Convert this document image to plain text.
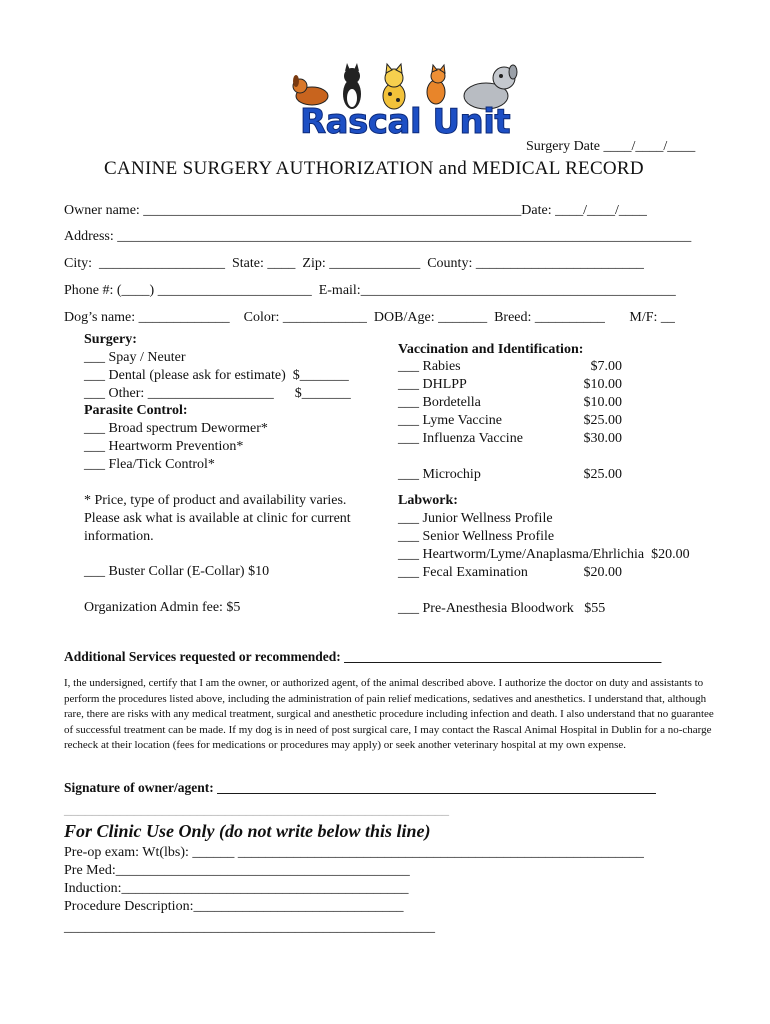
Rascal Unit

Surgery Date ____/____/____
CANINE SURGERY AUTHORIZATION and MEDICAL RECORD
Owner name: ______________________________________________________Date: ____/____/____
Address: __________________________________________________________________________________
City:  __________________  State: ____  Zip: _____________  County: ________________________
Phone #: (____) ______________________  E-mail:_____________________________________________
Dog’s name: _____________    Color: ____________  DOB/Age: _______  Breed: __________       M/F: __
Surgery:
___ Spay / Neuter
___ Dental (please ask for estimate)  $_______
___ Other: __________________      $_______
Parasite Control:
___ Broad spectrum Dewormer*
___ Heartworm Prevention*
___ Flea/Tick Control*
* Price, type of product and availability varies.
Please ask what is available at clinic for current
information.
___ Buster Collar (E-Collar) $10
Organization Admin fee: $5
Vaccination and Identification:
___ Rabies	$7.00
___ DHLPP	$10.00
___ Bordetella	$10.00
___ Lyme Vaccine	$25.00
___ Influenza Vaccine	$30.00
___ Microchip	$25.00
Labwork:
___ Junior Wellness Profile
___ Senior Wellness Profile
___ Heartworm/Lyme/Anaplasma/Ehrlichia  $20.00
___ Fecal Examination	$20.00
___ Pre-Anesthesia Bloodwork   $55
Additional Services requested or recommended: _______________________________________________
I, the undersigned, certify that I am the owner, or authorized agent, of the animal described above. I authorize the doctor on duty and assistants to perform the procedures listed above, including the administration of pain relief medications, sedatives and anesthetics. I understand that, although rare, there are risks with any medical treatment, surgical and anesthetic procedure including infection and death. I also understand that no guarantee of successful treatment can be made. If my dog is in need of post surgical care, I may contact the Rascal Animal Hospital in Dublin for a no-charge recheck at their location (fees for medications or procedures may apply) or seek another veterinary hospital at my own expense.
Signature of owner/agent: _________________________________________________________________
_______________________________________________________
For Clinic Use Only (do not write below this line)
Pre-op exam: Wt(lbs): ______ __________________________________________________________
Pre Med:__________________________________________
Induction:_________________________________________
Procedure Description:______________________________
_____________________________________________________
